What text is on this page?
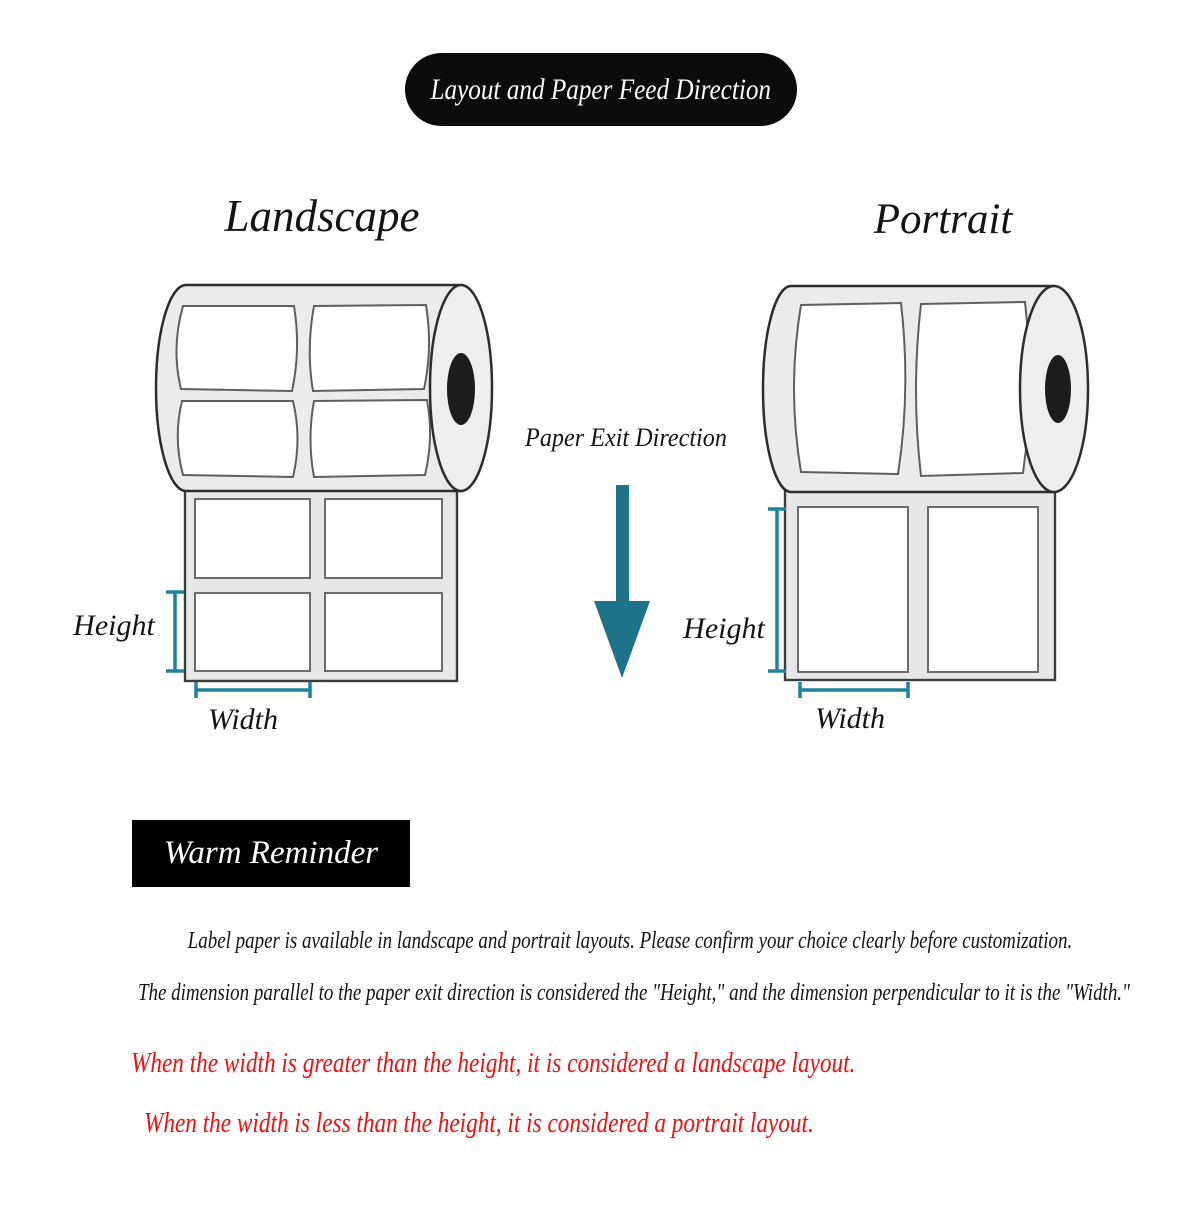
Layout and Paper Feed Direction
Landscape	Portrait
Paper Exit Direction
Height
Width
Height
Width
Warm Reminder

Label paper is available in landscape and portrait layouts. Please confirm your choice clearly before customization.

The dimension parallel to the paper exit direction is considered the "Height," and the dimension perpendicular to it is the "Width."

When the width is greater than the height, it is considered a landscape layout.

When the width is less than the height, it is considered a portrait layout.
